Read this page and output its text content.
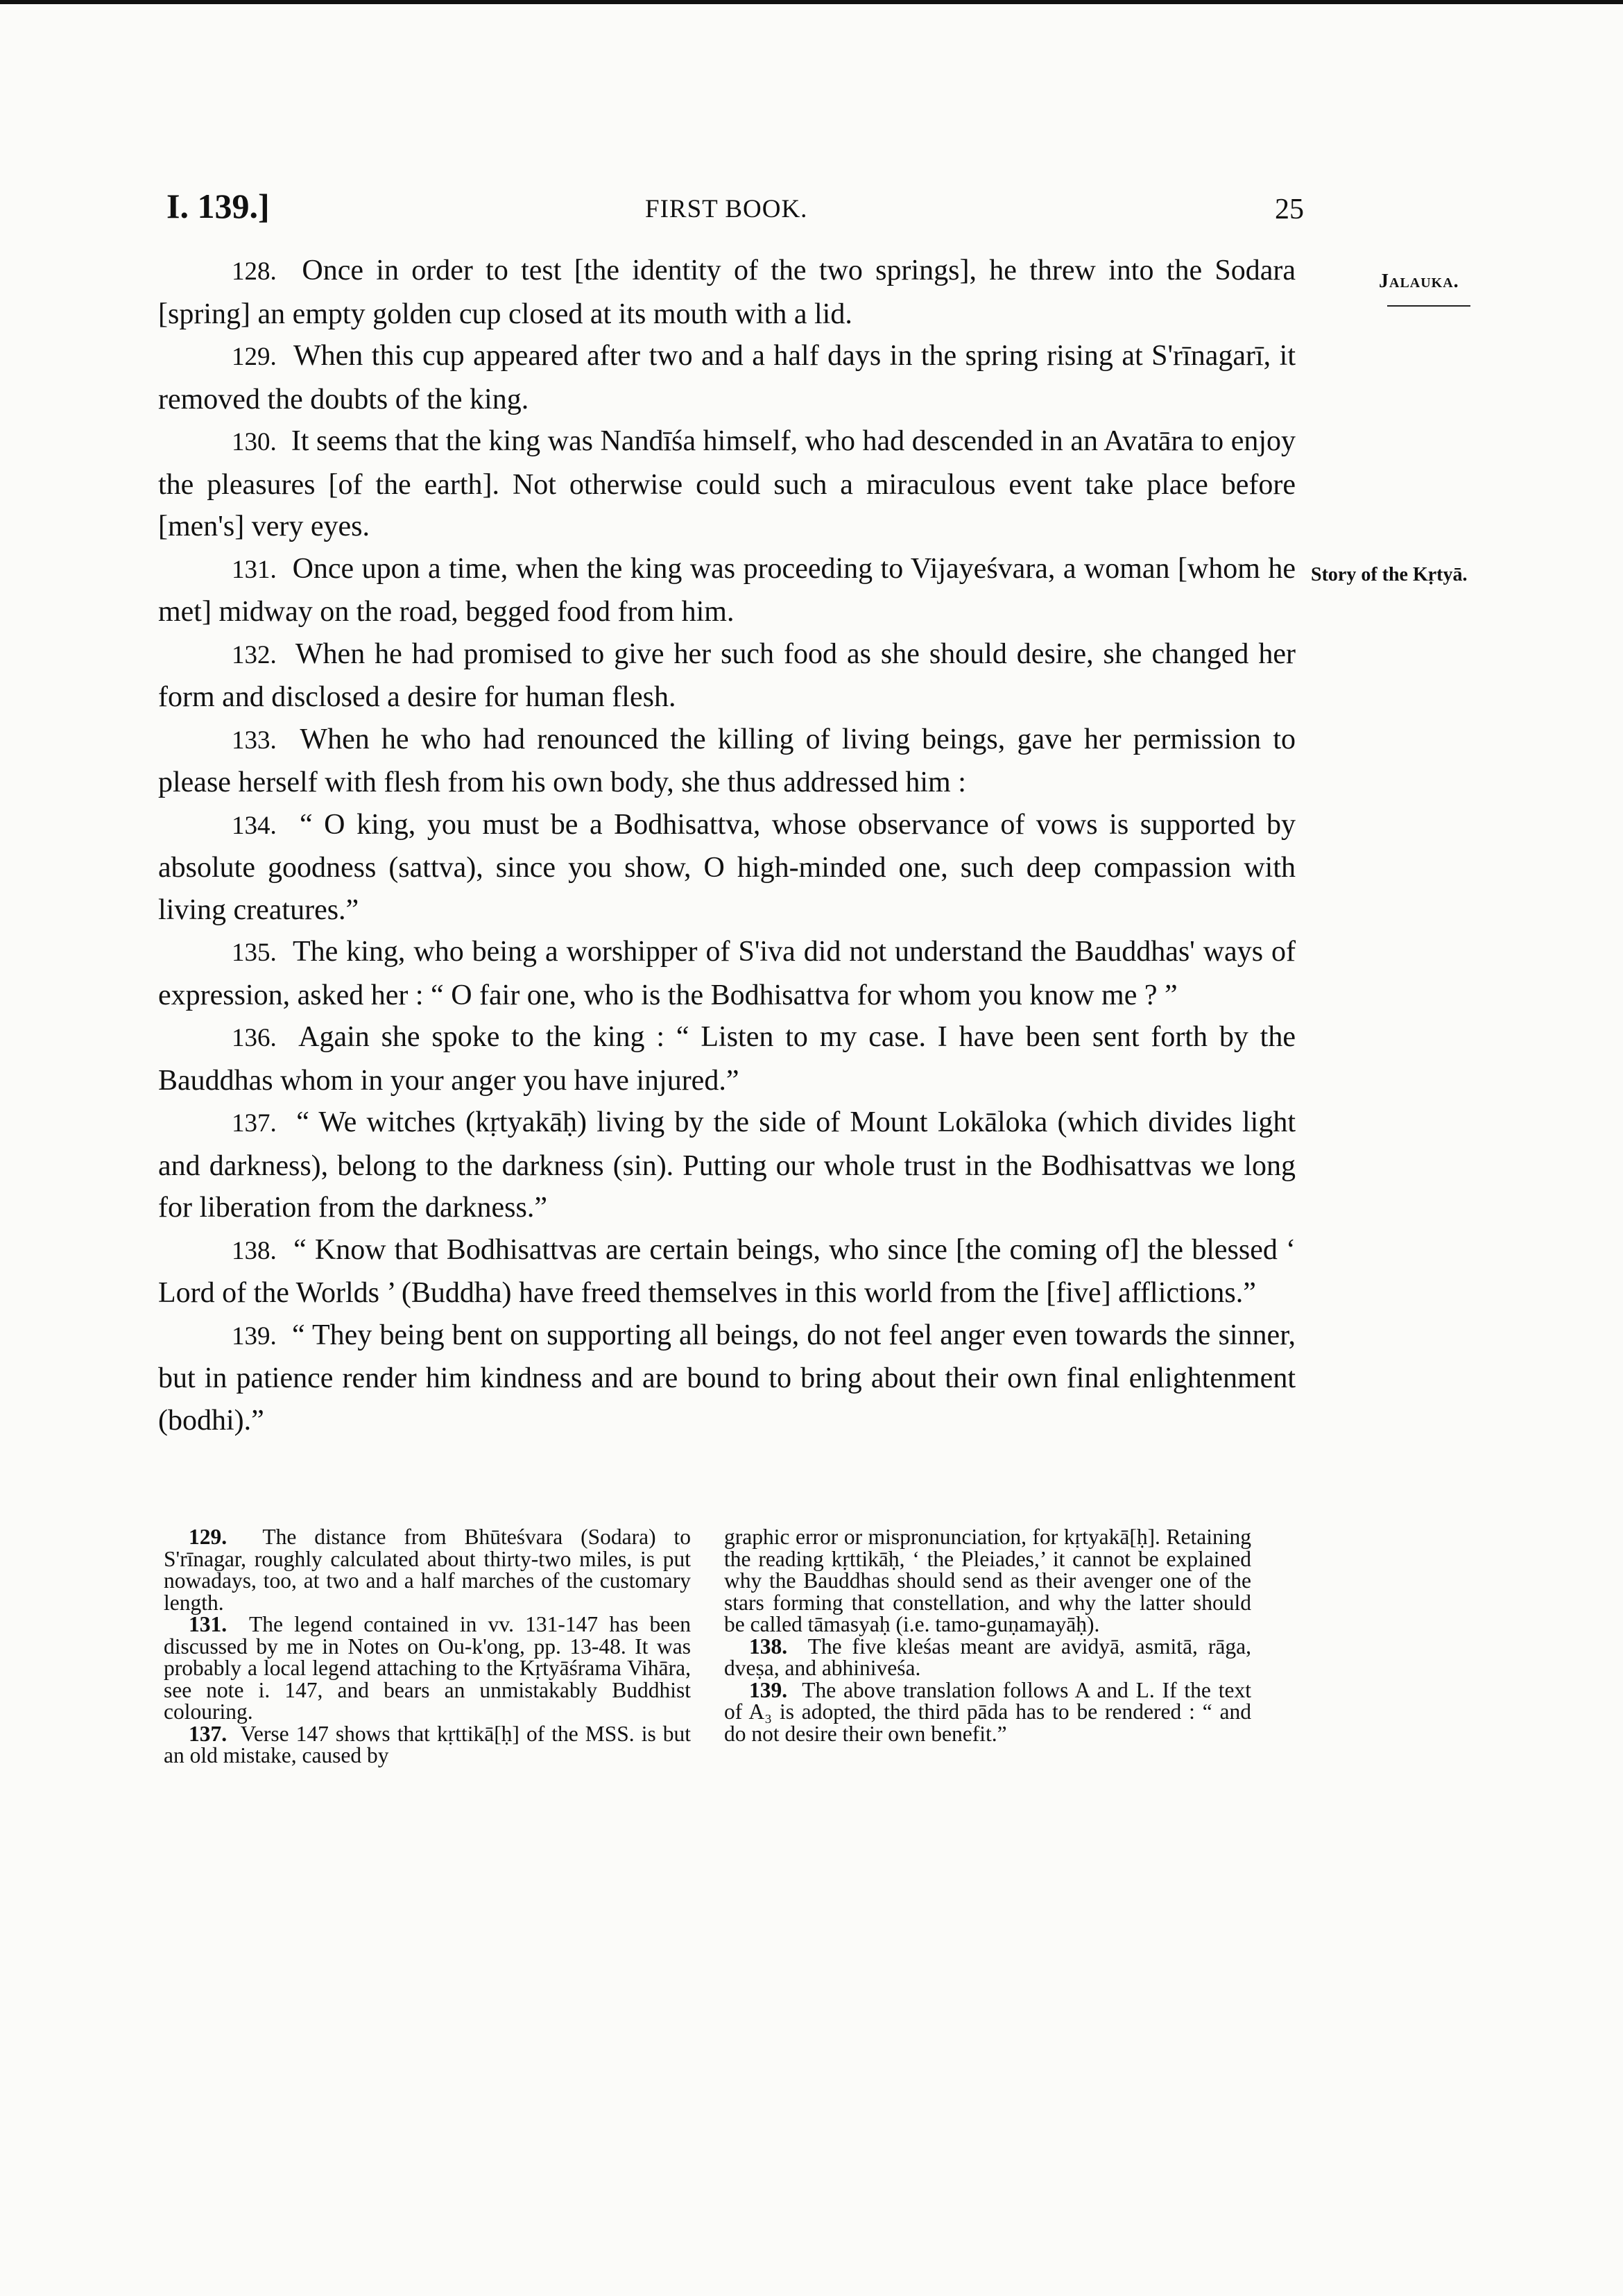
I. 139.]	FIRST BOOK.	25
Jalauka.
Story of the Kṛtyā.

128. Once in order to test [the identity of the two springs], he threw into the Sodara [spring] an empty golden cup closed at its mouth with a lid.

129. When this cup appeared after two and a half days in the spring rising at S'rīnagarī, it removed the doubts of the king.

130. It seems that the king was Nandīśa himself, who had descended in an Avatāra to enjoy the pleasures [of the earth]. Not otherwise could such a miraculous event take place before [men's] very eyes.

131. Once upon a time, when the king was proceeding to Vijayeśvara, a woman [whom he met] midway on the road, begged food from him.

132. When he had promised to give her such food as she should desire, she changed her form and disclosed a desire for human flesh.

133. When he who had renounced the killing of living beings, gave her permission to please herself with flesh from his own body, she thus addressed him :

134. “ O king, you must be a Bodhisattva, whose observance of vows is supported by absolute goodness (sattva), since you show, O high-minded one, such deep compassion with living creatures.”

135. The king, who being a worshipper of S'iva did not understand the Bauddhas' ways of expression, asked her : “ O fair one, who is the Bodhisattva for whom you know me ? ”

136. Again she spoke to the king : “ Listen to my case. I have been sent forth by the Bauddhas whom in your anger you have injured.”

137. “ We witches (kṛtyakāḥ) living by the side of Mount Lokāloka (which divides light and darkness), belong to the darkness (sin). Putting our whole trust in the Bodhisattvas we long for liberation from the darkness.”

138. “ Know that Bodhisattvas are certain beings, who since [the coming of] the blessed ‘ Lord of the Worlds ’ (Buddha) have freed themselves in this world from the [five] afflictions.”

139. “ They being bent on supporting all beings, do not feel anger even towards the sinner, but in patience render him kindness and are bound to bring about their own final enlightenment (bodhi).”

129. The distance from Bhūteśvara (Sodara) to S'rīnagar, roughly calculated about thirty-two miles, is put nowadays, too, at two and a half marches of the customary length.

131. The legend contained in vv. 131-147 has been discussed by me in Notes on Ou-k'ong, pp. 13-48. It was probably a local legend attaching to the Kṛtyāśrama Vihāra, see note i. 147, and bears an unmistakably Buddhist colouring.

137. Verse 147 shows that kṛttikā[ḥ] of the MSS. is but an old mistake, caused by

graphic error or mispronunciation, for kṛtyakā[ḥ]. Retaining the reading kṛttikāḥ, ‘ the Pleiades,’ it cannot be explained why the Bauddhas should send as their avenger one of the stars forming that constellation, and why the latter should be called tāmasyaḥ (i.e. tamo-guṇamayāḥ).

138. The five kleśas meant are avidyā, asmitā, rāga, dveṣa, and abhiniveśa.

139. The above translation follows A and L. If the text of A₃ is adopted, the third pāda has to be rendered : “ and do not desire their own benefit.”
